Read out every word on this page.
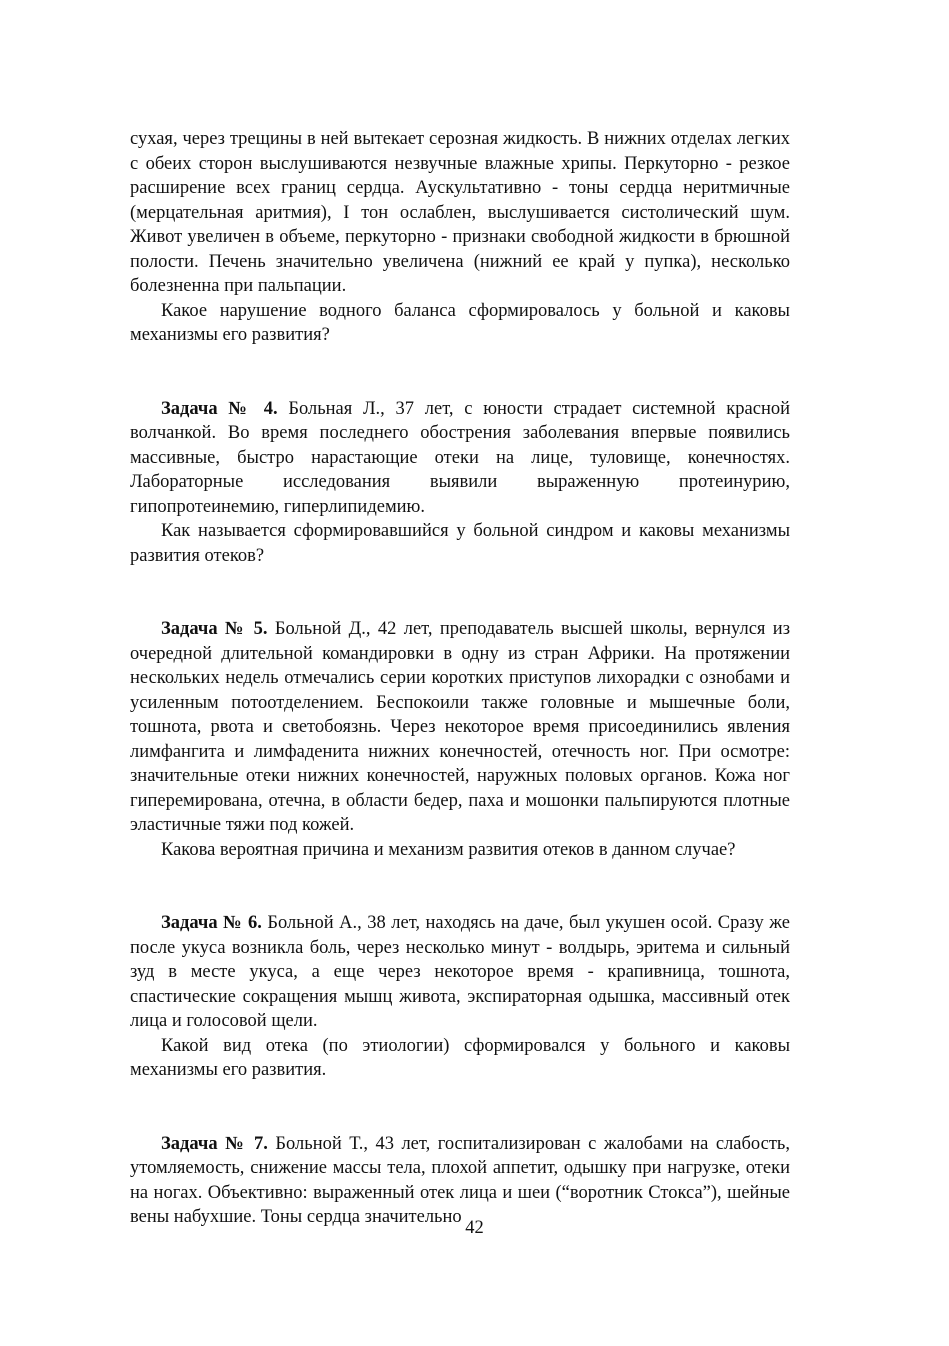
сухая, через трещины в ней вытекает серозная жидкость. В нижних отделах легких с обеих сторон выслушиваются незвучные влажные хрипы. Перкуторно - резкое расширение всех границ сердца. Аускультативно - тоны сердца неритмичные (мерцательная аритмия), I тон ослаблен, выслушивается систолический шум. Живот увеличен в объеме, перкуторно - признаки свободной жидкости в брюшной полости. Печень значительно увеличена (нижний ее край у пупка), несколько болезненна при пальпации.

Какое нарушение водного баланса сформировалось у больной и каковы механизмы его развития?

Задача № 4. Больная Л., 37 лет, с юности страдает системной красной волчанкой. Во время последнего обострения заболевания впервые появились массивные, быстро нарастающие отеки на лице, туловище, конечностях. Лабораторные исследования выявили выраженную протеинурию, гипопротеинемию, гиперлипидемию.

Как называется сформировавшийся у больной синдром и каковы механизмы развития отеков?

Задача № 5. Больной Д., 42 лет, преподаватель высшей школы, вернулся из очередной длительной командировки в одну из стран Африки. На протяжении нескольких недель отмечались серии коротких приступов лихорадки с ознобами и усиленным потоотделением. Беспокоили также головные и мышечные боли, тошнота, рвота и светобоязнь. Через некоторое время присоединились явления лимфангита и лимфаденита нижних конечностей, отечность ног. При осмотре: значительные отеки нижних конечностей, наружных половых органов. Кожа ног гиперемирована, отечна, в области бедер, паха и мошонки пальпируются плотные эластичные тяжи под кожей.

Какова вероятная причина и механизм развития отеков в данном случае?

Задача № 6. Больной А., 38 лет, находясь на даче, был укушен осой. Сразу же после укуса возникла боль, через несколько минут - волдырь, эритема и сильный зуд в месте укуса, а еще через некоторое время - крапивница, тошнота, спастические сокращения мышц живота, экспираторная одышка, массивный отек лица и голосовой щели.

Какой вид отека (по этиологии) сформировался у больного и каковы механизмы его развития.

Задача № 7. Больной Т., 43 лет, госпитализирован с жалобами на слабость, утомляемость, снижение массы тела, плохой аппетит, одышку при нагрузке, отеки на ногах. Объективно: выраженный отек лица и шеи (“воротник Стокса”), шейные вены набухшие. Тоны сердца значительно

42
